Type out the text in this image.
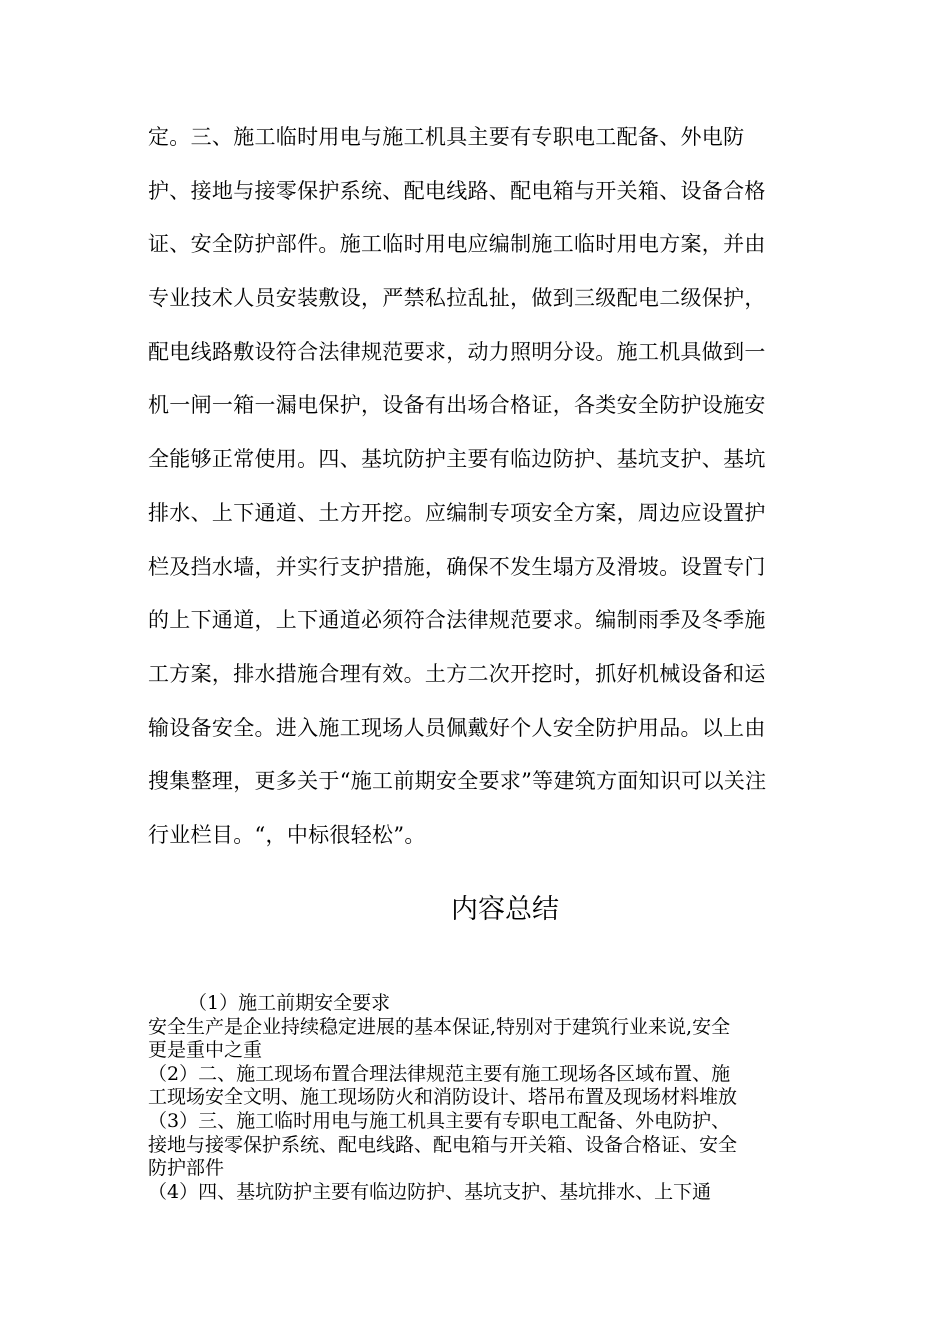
定。三、施工临时用电与施工机具主要有专职电工配备、外电防
护、接地与接零保护系统、配电线路、配电箱与开关箱、设备合格
证、安全防护部件。施工临时用电应编制施工临时用电方案，并由
专业技术人员安装敷设，严禁私拉乱扯，做到三级配电二级保护，
配电线路敷设符合法律规范要求，动力照明分设。施工机具做到一
机一闸一箱一漏电保护，设备有出场合格证，各类安全防护设施安
全能够正常使用。四、基坑防护主要有临边防护、基坑支护、基坑
排水、上下通道、土方开挖。应编制专项安全方案，周边应设置护
栏及挡水墙，并实行支护措施，确保不发生塌方及滑坡。设置专门
的上下通道，上下通道必须符合法律规范要求。编制雨季及冬季施
工方案，排水措施合理有效。土方二次开挖时，抓好机械设备和运
输设备安全。进入施工现场人员佩戴好个人安全防护用品。以上由
搜集整理，更多关于“施工前期安全要求”等建筑方面知识可以关注
行业栏目。“，中标很轻松”。
内容总结
（1）施工前期安全要求
安全生产是企业持续稳定进展的基本保证,特别对于建筑行业来说,安全
更是重中之重
（2）二、施工现场布置合理法律规范主要有施工现场各区域布置、施
工现场安全文明、施工现场防火和消防设计、塔吊布置及现场材料堆放
（3）三、施工临时用电与施工机具主要有专职电工配备、外电防护、
接地与接零保护系统、配电线路、配电箱与开关箱、设备合格证、安全
防护部件
（4）四、基坑防护主要有临边防护、基坑支护、基坑排水、上下通
